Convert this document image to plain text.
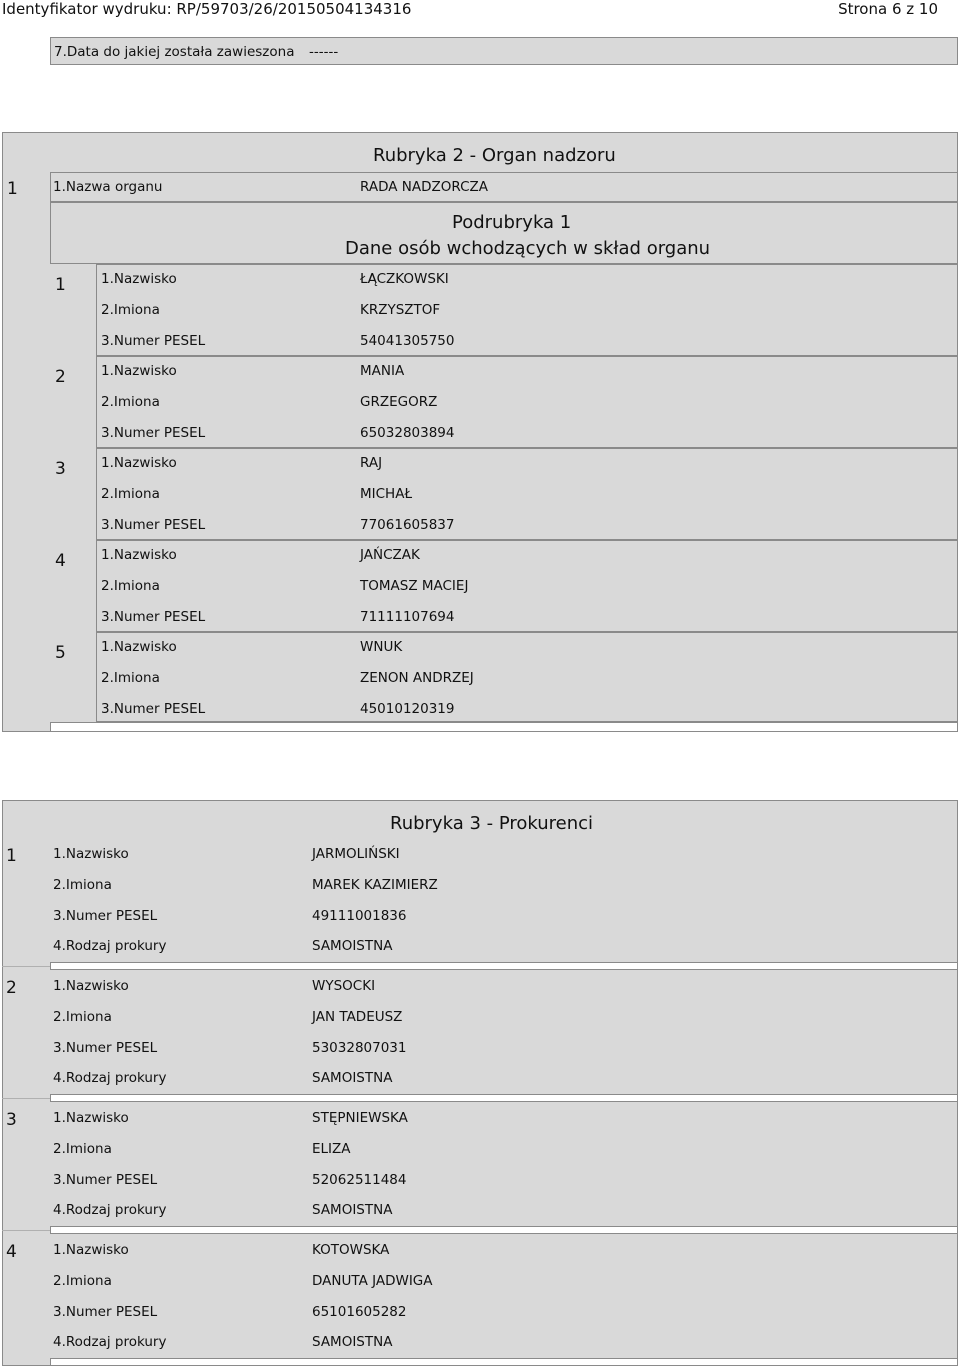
Identyfikator wydruku: RP/59703/26/20150504134316	Strona 6 z 10
7.Data do jakiej została zawieszona ------
Rubryka 2 - Organ nadzoru
1	1.Nazwa organu	RADA NADZORCZA
Podrubryka 1
Dane osób wchodzących w skład organu
1	1.Nazwisko	ŁĄCZKOWSKI
2.Imiona	KRZYSZTOF
3.Numer PESEL	54041305750
2	1.Nazwisko	MANIA
2.Imiona	GRZEGORZ
3.Numer PESEL	65032803894
3	1.Nazwisko	RAJ
2.Imiona	MICHAŁ
3.Numer PESEL	77061605837
4	1.Nazwisko	JAŃCZAK
2.Imiona	TOMASZ MACIEJ
3.Numer PESEL	71111107694
5	1.Nazwisko	WNUK
2.Imiona	ZENON ANDRZEJ
3.Numer PESEL	45010120319
Rubryka 3 - Prokurenci
1	1.Nazwisko	JARMOLIŃSKI
2.Imiona	MAREK KAZIMIERZ
3.Numer PESEL	49111001836
4.Rodzaj prokury	SAMOISTNA
2	1.Nazwisko	WYSOCKI
2.Imiona	JAN TADEUSZ
3.Numer PESEL	53032807031
4.Rodzaj prokury	SAMOISTNA
3	1.Nazwisko	STĘPNIEWSKA
2.Imiona	ELIZA
3.Numer PESEL	52062511484
4.Rodzaj prokury	SAMOISTNA
4	1.Nazwisko	KOTOWSKA
2.Imiona	DANUTA JADWIGA
3.Numer PESEL	65101605282
4.Rodzaj prokury	SAMOISTNA
